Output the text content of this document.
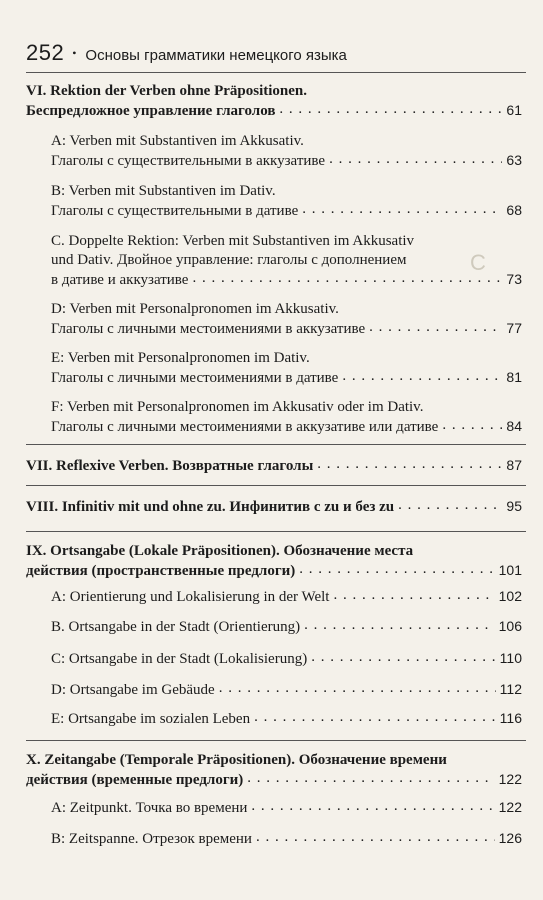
С
252 • Основы грамматики немецкого языка
VI. Rektion der Verben ohne Präpositionen.
Беспредложное управление глаголов . . .	61
A: Verben mit Substantiven im Akkusativ.
Глаголы с существительными в аккузативе . . .	63
B: Verben mit Substantiven im Dativ.
Глаголы с существительными в дативе . . .	68
C. Doppelte Rektion: Verben mit Substantiven im Akkusativ
und Dativ. Двойное управление: глаголы с дополнением
в дативе и аккузативе . . .	73
D: Verben mit Personalpronomen im Akkusativ.
Глаголы с личными местоимениями в аккузативе . . .	77
E: Verben mit Personalpronomen im Dativ.
Глаголы с личными местоимениями в дативе . . .	81
F: Verben mit Personalpronomen im Akkusativ oder im Dativ.
Глаголы с личными местоимениями в аккузативе или дативе . . .	84
VII. Reflexive Verben. Возвратные глаголы . . .	87
VIII. Infinitiv mit und ohne zu. Инфинитив с zu и без zu . . .	95
IX. Ortsangabe (Lokale Präpositionen). Обозначение места
действия (пространственные предлоги) . . .	101
A: Orientierung und Lokalisierung in der Welt . . .	102
B. Ortsangabe in der Stadt (Orientierung) . . .	106
C: Ortsangabe in der Stadt (Lokalisierung) . . .	110
D: Ortsangabe im Gebäude . . .	112
E: Ortsangabe im sozialen Leben . . .	116
X. Zeitangabe (Temporale Präpositionen). Обозначение времени
действия (временные предлоги) . . .	122
A: Zeitpunkt. Точка во времени . . .	122
B: Zeitspanne. Отрезок времени . . .	126
